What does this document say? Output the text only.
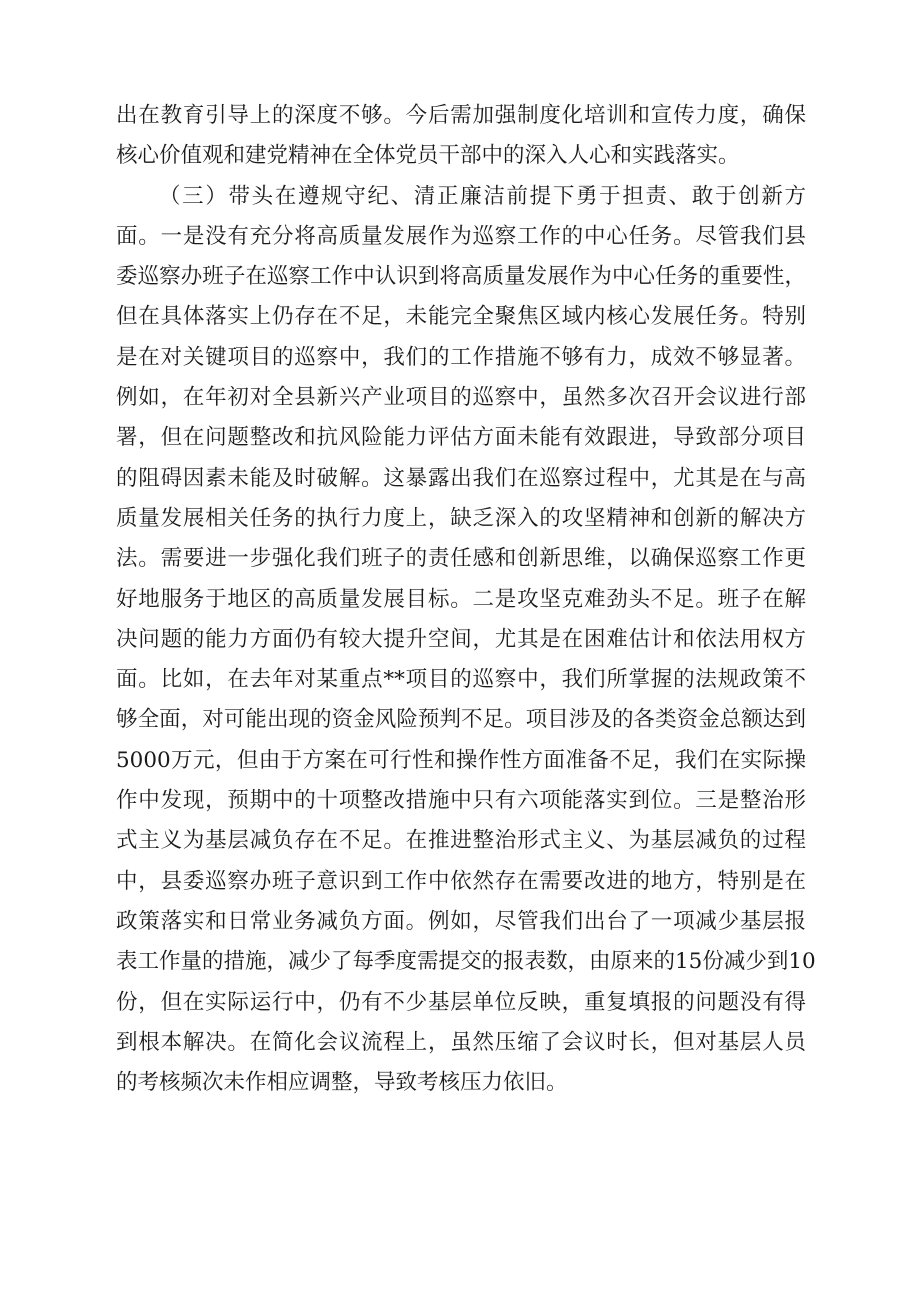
出在教育引导上的深度不够。今后需加强制度化培训和宣传力度，确保
核心价值观和建党精神在全体党员干部中的深入人心和实践落实。
（三）带头在遵规守纪、清正廉洁前提下勇于担责、敢于创新方
面。一是没有充分将高质量发展作为巡察工作的中心任务。尽管我们县
委巡察办班子在巡察工作中认识到将高质量发展作为中心任务的重要性，
但在具体落实上仍存在不足，未能完全聚焦区域内核心发展任务。特别
是在对关键项目的巡察中，我们的工作措施不够有力，成效不够显著。
例如，在年初对全县新兴产业项目的巡察中，虽然多次召开会议进行部
署，但在问题整改和抗风险能力评估方面未能有效跟进，导致部分项目
的阻碍因素未能及时破解。这暴露出我们在巡察过程中，尤其是在与高
质量发展相关任务的执行力度上，缺乏深入的攻坚精神和创新的解决方
法。需要进一步强化我们班子的责任感和创新思维，以确保巡察工作更
好地服务于地区的高质量发展目标。二是攻坚克难劲头不足。班子在解
决问题的能力方面仍有较大提升空间，尤其是在困难估计和依法用权方
面。比如，在去年对某重点**项目的巡察中，我们所掌握的法规政策不
够全面，对可能出现的资金风险预判不足。项目涉及的各类资金总额达到
5000万元，但由于方案在可行性和操作性方面准备不足，我们在实际操
作中发现，预期中的十项整改措施中只有六项能落实到位。三是整治形
式主义为基层减负存在不足。在推进整治形式主义、为基层减负的过程
中，县委巡察办班子意识到工作中依然存在需要改进的地方，特别是在
政策落实和日常业务减负方面。例如，尽管我们出台了一项减少基层报
表工作量的措施，减少了每季度需提交的报表数，由原来的15份减少到10
份，但在实际运行中，仍有不少基层单位反映，重复填报的问题没有得
到根本解决。在简化会议流程上，虽然压缩了会议时长，但对基层人员
的考核频次未作相应调整，导致考核压力依旧。
